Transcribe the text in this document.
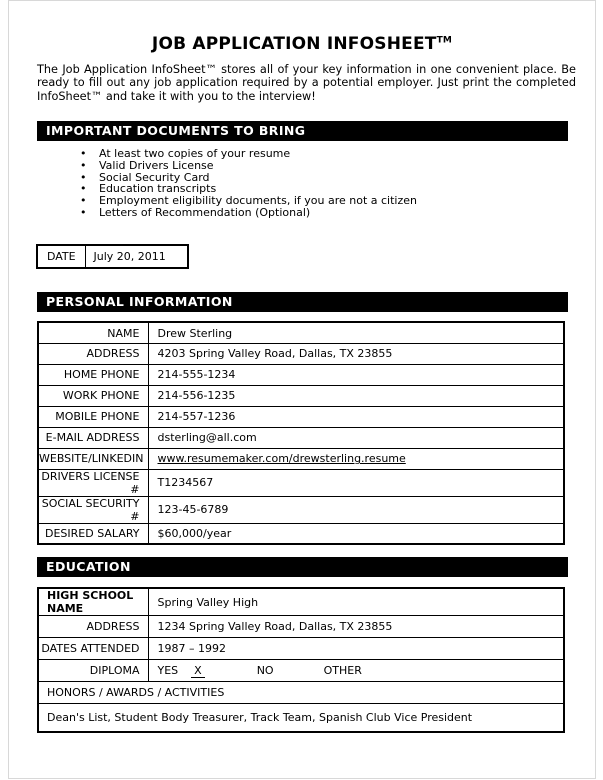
JOB APPLICATION INFOSHEET™

The Job Application InfoSheet™ stores all of your key information in one convenient place. Be ready to fill out any job application required by a potential employer. Just print the completed InfoSheet™ and take it with you to the interview!

IMPORTANT DOCUMENTS TO BRING
• At least two copies of your resume
• Valid Drivers License
• Social Security Card
• Education transcripts
• Employment eligibility documents, if you are not a citizen
• Letters of Recommendation (Optional)
DATE	July 20, 2011
PERSONAL INFORMATION
NAME	Drew Sterling
ADDRESS	4203 Spring Valley Road, Dallas, TX 23855
HOME PHONE	214-555-1234
WORK PHONE	214-556-1235
MOBILE PHONE	214-557-1236
E-MAIL ADDRESS	dsterling@all.com
WEBSITE/LINKEDIN	www.resumemaker.com/drewsterling.resume
DRIVERS LICENSE #	T1234567
SOCIAL SECURITY #	123-45-6789
DESIRED SALARY	$60,000/year
EDUCATION
HIGH SCHOOL NAME	Spring Valley High
ADDRESS	1234 Spring Valley Road, Dallas, TX 23855
DATES ATTENDED	1987 – 1992
DIPLOMA	YES X NO OTHER
HONORS / AWARDS / ACTIVITIES	
Dean's List, Student Body Treasurer, Track Team, Spanish Club Vice President	
